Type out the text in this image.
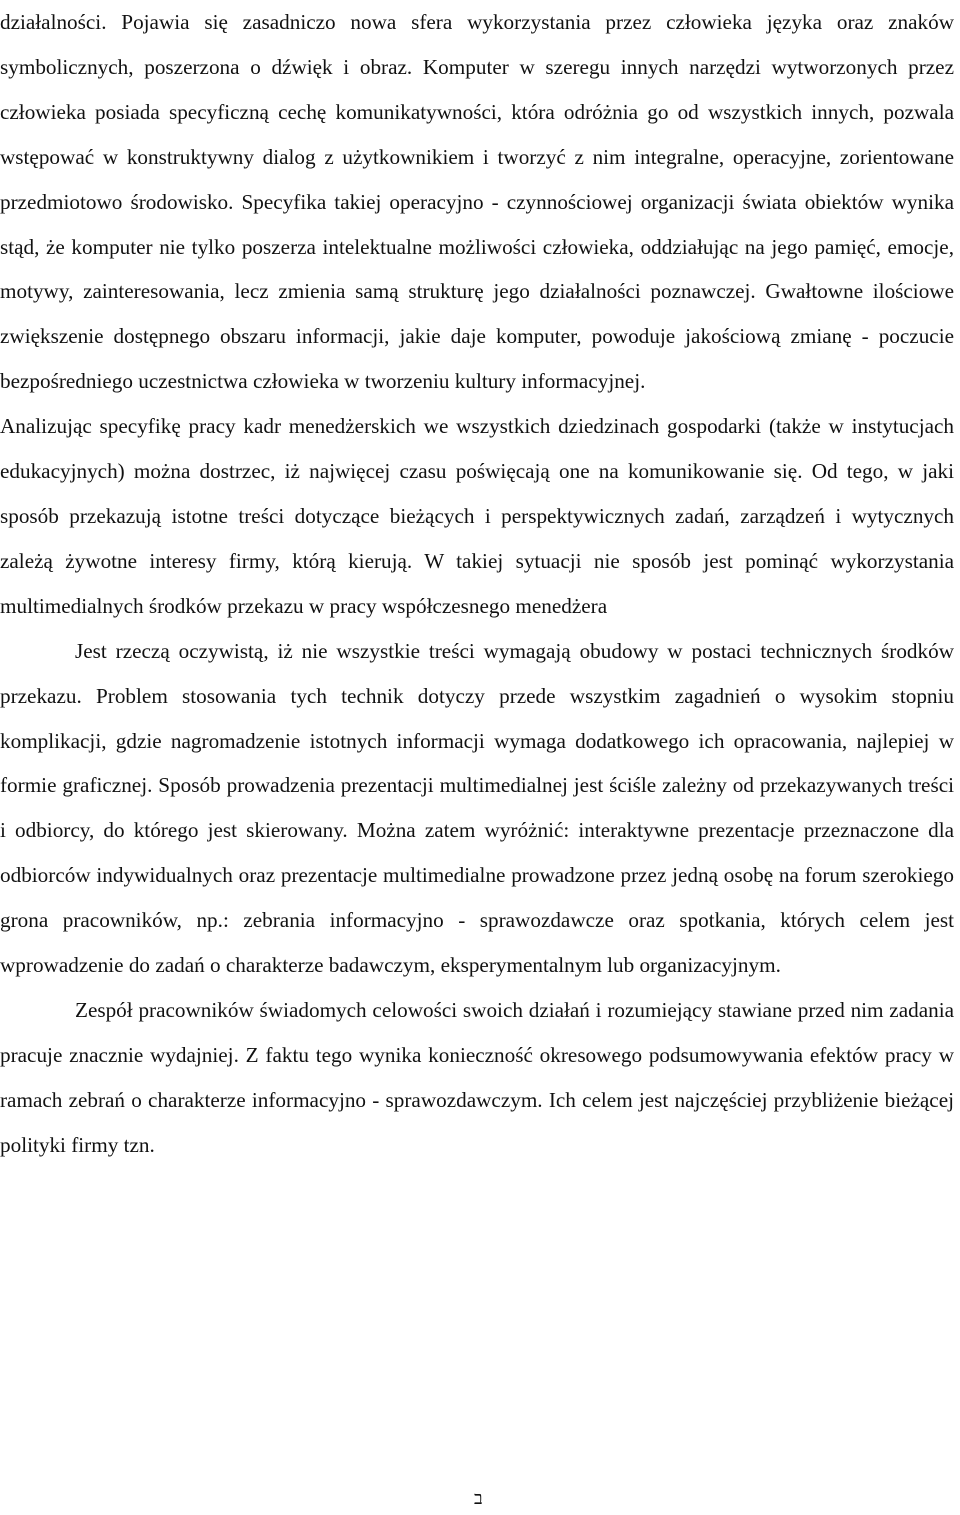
działalności. Pojawia się zasadniczo nowa sfera wykorzystania przez człowieka języka oraz znaków symbolicznych, poszerzona o dźwięk i obraz. Komputer w szeregu innych narzędzi wytworzonych przez człowieka posiada specyficzną cechę komunikatywności, która odróżnia go od wszystkich innych, pozwala wstępować w konstruktywny dialog z użytkownikiem i tworzyć z nim integralne, operacyjne, zorientowane przedmiotowo środowisko. Specyfika takiej operacyjno - czynnościowej organizacji świata obiektów wynika stąd, że komputer nie tylko poszerza intelektualne możliwości człowieka, oddziałując na jego pamięć, emocje, motywy, zainteresowania, lecz zmienia samą strukturę jego działalności poznawczej. Gwałtowne ilościowe zwiększenie dostępnego obszaru informacji, jakie daje komputer, powoduje jakościową zmianę - poczucie bezpośredniego uczestnictwa człowieka w tworzeniu kultury informacyjnej.

Analizując specyfikę pracy kadr menedżerskich we wszystkich dziedzinach gospodarki (także w instytucjach edukacyjnych) można dostrzec, iż najwięcej czasu poświęcają one na komunikowanie się. Od tego, w jaki sposób przekazują istotne treści dotyczące bieżących i perspektywicznych zadań, zarządzeń i wytycznych zależą żywotne interesy firmy, którą kierują. W takiej sytuacji nie sposób jest pominąć wykorzystania multimedialnych środków przekazu w pracy współczesnego menedżera

Jest rzeczą oczywistą, iż nie wszystkie treści wymagają obudowy w postaci technicznych środków przekazu. Problem stosowania tych technik dotyczy przede wszystkim zagadnień o wysokim stopniu komplikacji, gdzie nagromadzenie istotnych informacji wymaga dodatkowego ich opracowania, najlepiej w formie graficznej. Sposób prowadzenia prezentacji multimedialnej jest ściśle zależny od przekazywanych treści i odbiorcy, do którego jest skierowany. Można zatem wyróżnić: interaktywne prezentacje przeznaczone dla odbiorców indywidualnych oraz prezentacje multimedialne prowadzone przez jedną osobę na forum szerokiego grona pracowników, np.: zebrania informacyjno - sprawozdawcze oraz spotkania, których celem jest wprowadzenie do zadań o charakterze badawczym, eksperymentalnym lub organizacyjnym.

Zespół pracowników świadomych celowości swoich działań i rozumiejący stawiane przed nim zadania pracuje znacznie wydajniej. Z faktu tego wynika konieczność okresowego podsumowywania efektów pracy w ramach zebrań o charakterze informacyjno - sprawozdawczym. Ich celem jest najczęściej przybliżenie bieżącej polityki firmy tzn.

ב
